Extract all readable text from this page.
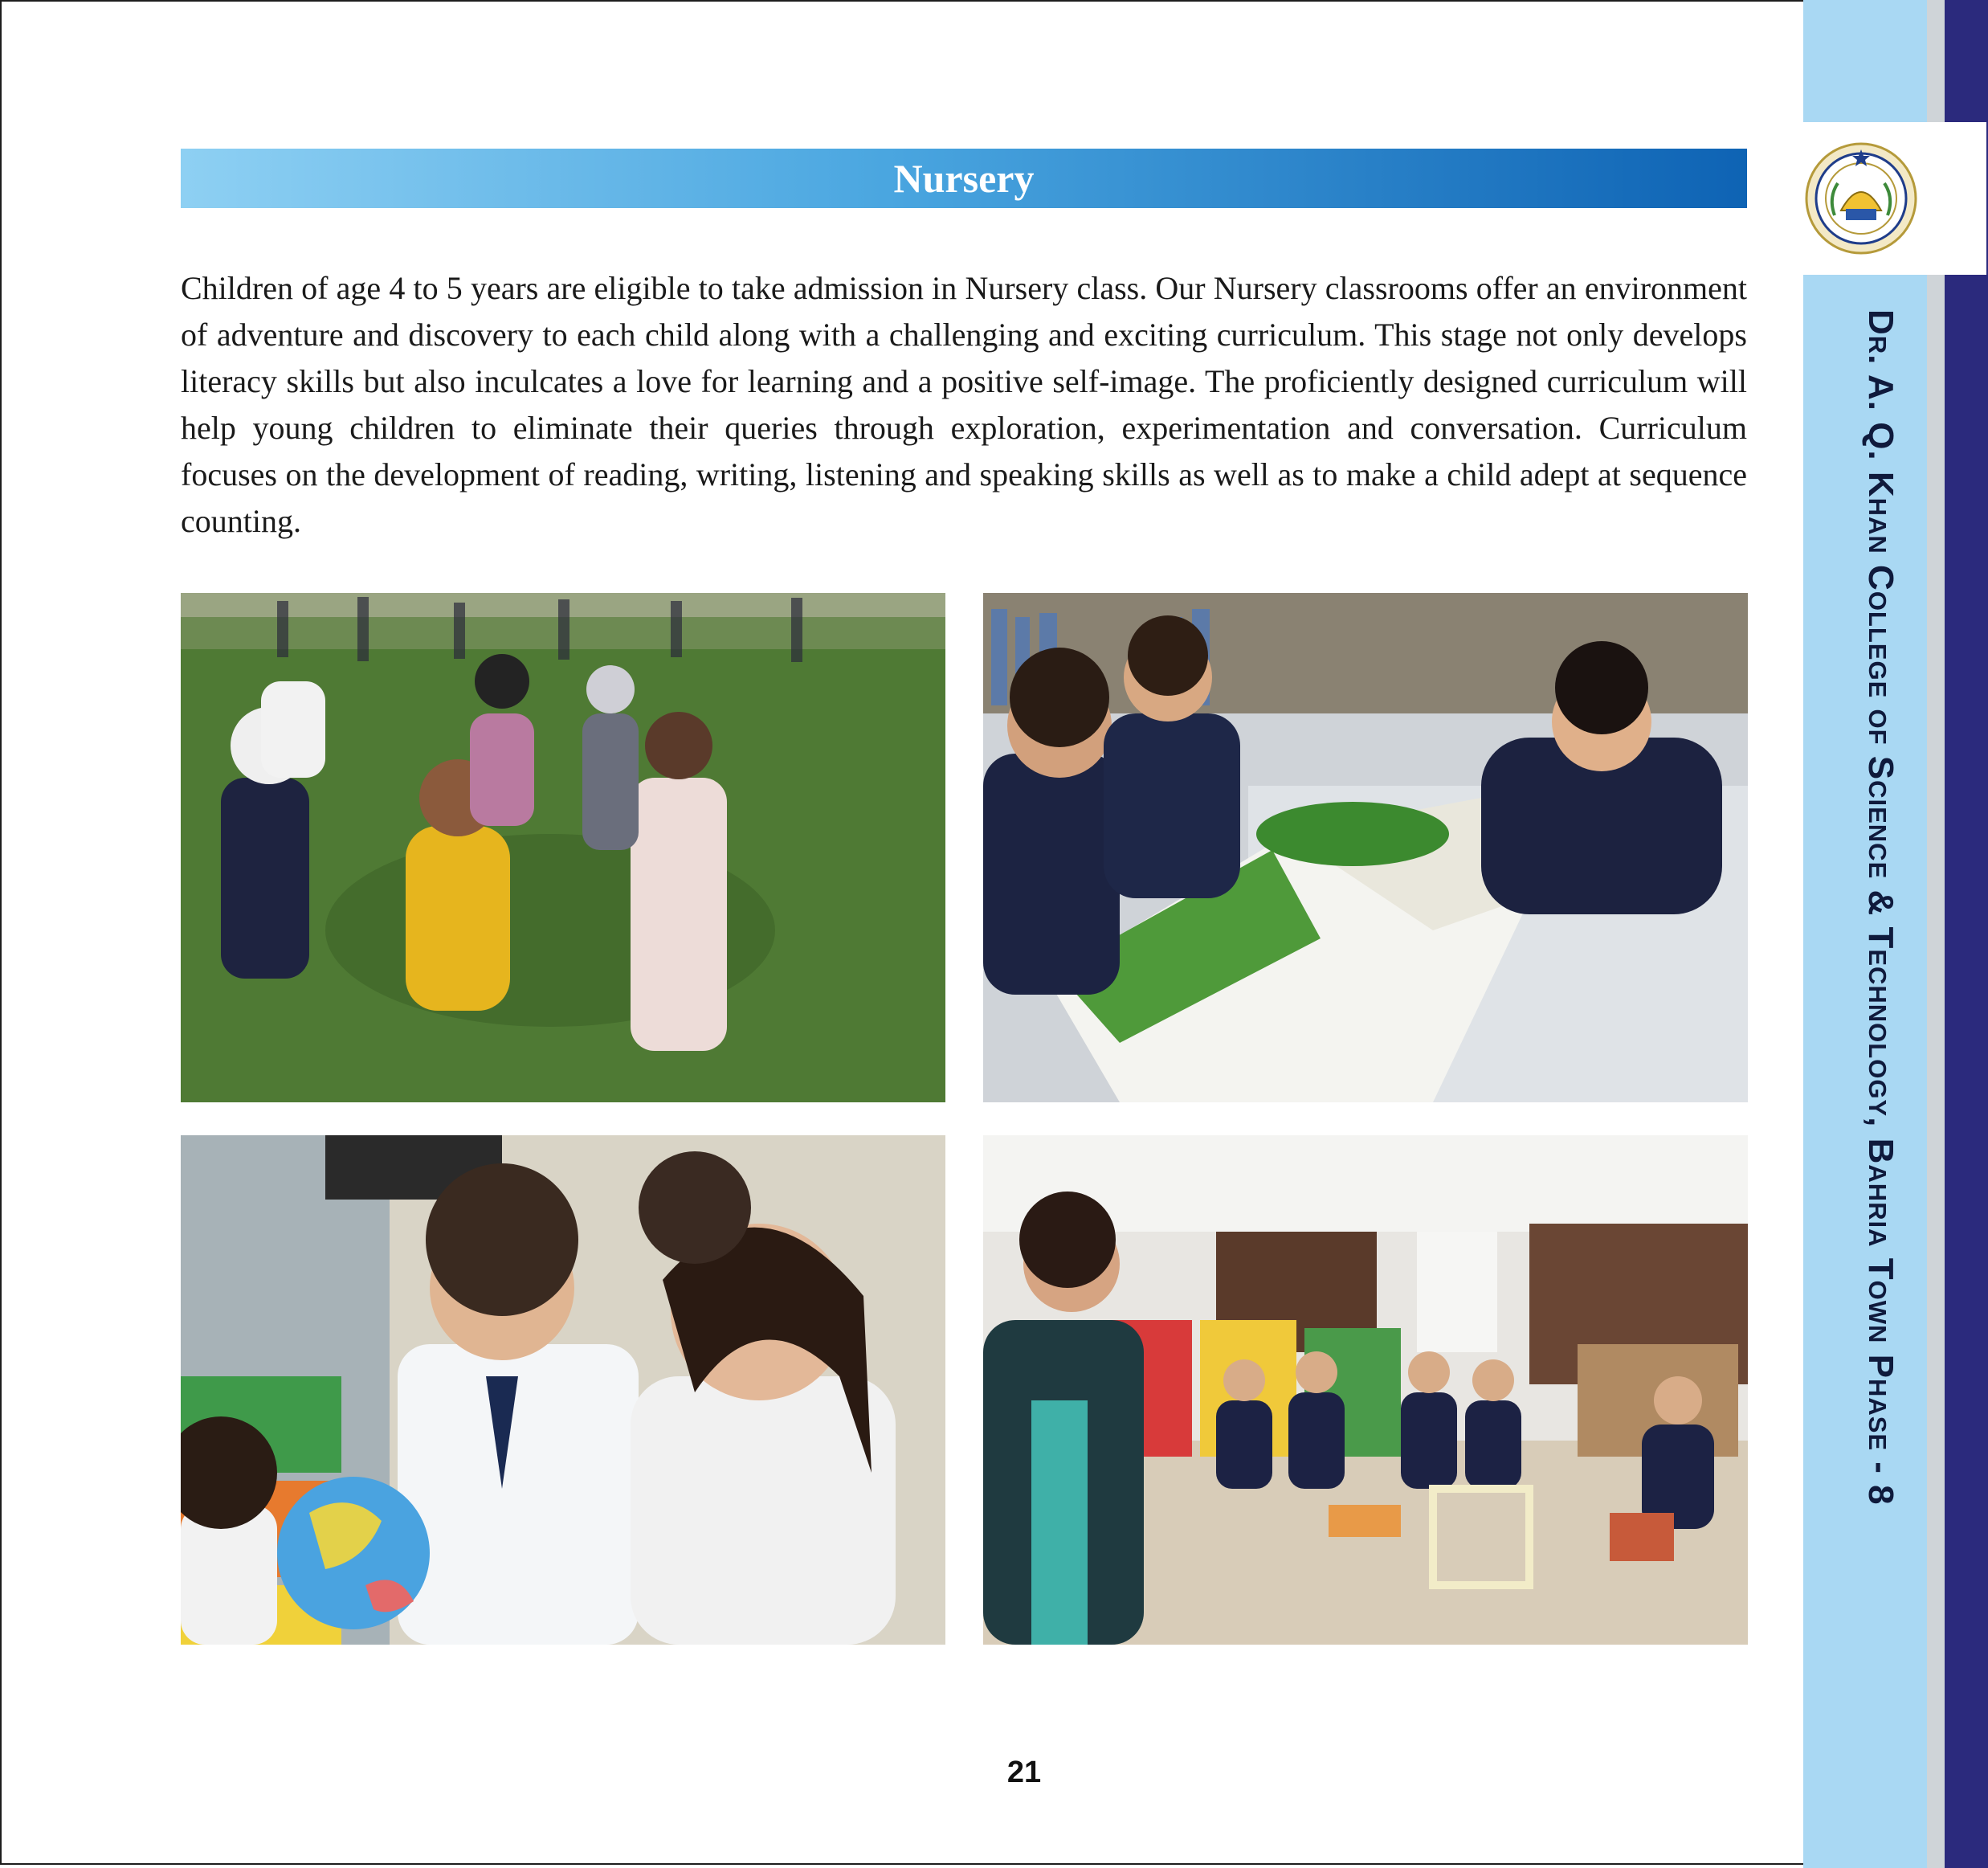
Dr. A. Q. Khan College of Science & Technology, Bahria Town Phase - 8
Nursery

Children of age 4 to 5 years are eligible to take admission in Nursery class. Our Nursery classrooms offer an environment of adventure and discovery to each child along with a challenging and exciting curriculum. This stage not only develops literacy skills but also inculcates a love for learning and a positive self-image. The proficiently designed curriculum will help young children to eliminate their queries through exploration, experimentation and conversation. Curriculum focuses on the development of reading, writing, listening and speaking skills as well as to make a child adept at sequence counting.

21
